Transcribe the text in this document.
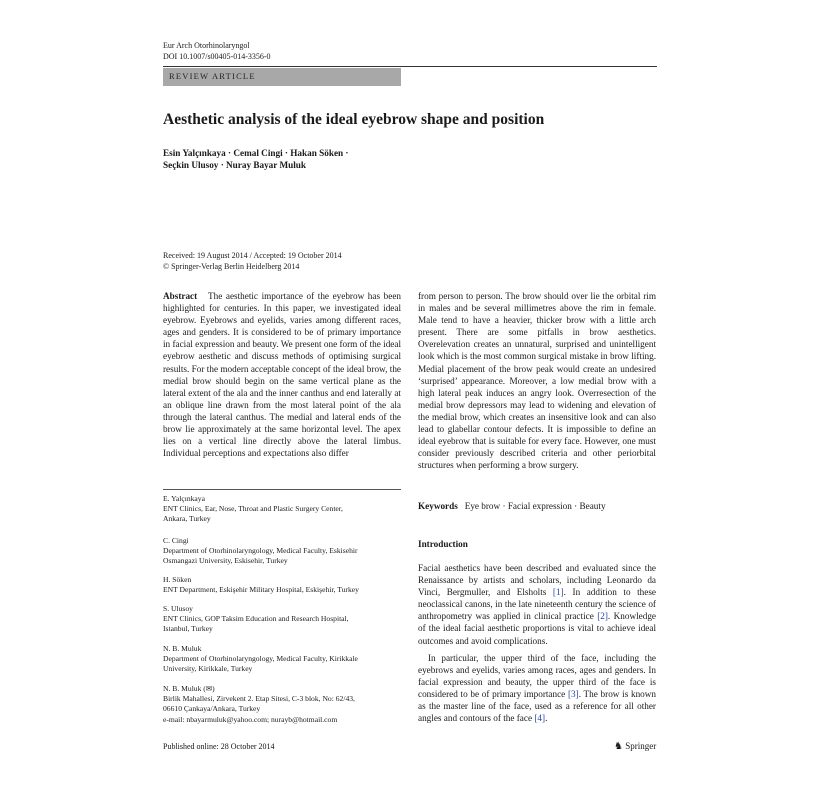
Eur Arch Otorhinolaryngol
DOI 10.1007/s00405-014-3356-0
REVIEW ARTICLE
Aesthetic analysis of the ideal eyebrow shape and position
Esin Yalçınkaya · Cemal Cingi · Hakan Söken ·
Seçkin Ulusoy · Nuray Bayar Muluk
Received: 19 August 2014 / Accepted: 19 October 2014
© Springer-Verlag Berlin Heidelberg 2014
Abstract The aesthetic importance of the eyebrow has been highlighted for centuries. In this paper, we investigated ideal eyebrow. Eyebrows and eyelids, varies among different races, ages and genders. It is considered to be of primary importance in facial expression and beauty. We present one form of the ideal eyebrow aesthetic and discuss methods of optimising surgical results. For the modern acceptable concept of the ideal brow, the medial brow should begin on the same vertical plane as the lateral extent of the ala and the inner canthus and end laterally at an oblique line drawn from the most lateral point of the ala through the lateral canthus. The medial and lateral ends of the brow lie approximately at the same horizontal level. The apex lies on a vertical line directly above the lateral limbus. Individual perceptions and expectations also differ
from person to person. The brow should over lie the orbital rim in males and be several millimetres above the rim in female. Male tend to have a heavier, thicker brow with a little arch present. There are some pitfalls in brow aesthetics. Overelevation creates an unnatural, surprised and unintelligent look which is the most common surgical mistake in brow lifting. Medial placement of the brow peak would create an undesired ‘surprised’ appearance. Moreover, a low medial brow with a high lateral peak induces an angry look. Overresection of the medial brow depressors may lead to widening and elevation of the medial brow, which creates an insensitive look and can also lead to glabellar contour defects. It is impossible to define an ideal eyebrow that is suitable for every face. However, one must consider previously described criteria and other periorbital structures when performing a brow surgery.
E. Yalçınkaya
ENT Clinics, Ear, Nose, Throat and Plastic Surgery Center,
Ankara, Turkey
C. Cingi
Department of Otorhinolaryngology, Medical Faculty, Eskisehir
Osmangazi University, Eskisehir, Turkey
H. Söken
ENT Department, Eskişehir Military Hospital, Eskişehir, Turkey
S. Ulusoy
ENT Clinics, GOP Taksim Education and Research Hospital,
Istanbul, Turkey
N. B. Muluk
Department of Otorhinolaryngology, Medical Faculty, Kirikkale
University, Kirikkale, Turkey
N. B. Muluk (✉)
Birlik Mahallesi, Zirvekent 2. Etap Sitesi, C-3 blok, No: 62/43,
06610 Çankaya/Ankara, Turkey
e-mail: nbayarmuluk@yahoo.com; nurayb@hotmail.com
Keywords Eye brow · Facial expression · Beauty
Introduction
Facial aesthetics have been described and evaluated since the Renaissance by artists and scholars, including Leonardo da Vinci, Bergmuller, and Elsholts [1]. In addition to these neoclassical canons, in the late nineteenth century the science of anthropometry was applied in clinical practice [2]. Knowledge of the ideal facial aesthetic proportions is vital to achieve ideal outcomes and avoid complications.
In particular, the upper third of the face, including the eyebrows and eyelids, varies among races, ages and genders. In facial expression and beauty, the upper third of the face is considered to be of primary importance [3]. The brow is known as the master line of the face, used as a reference for all other angles and contours of the face [4].
Published online: 28 October 2014	♞ Springer
